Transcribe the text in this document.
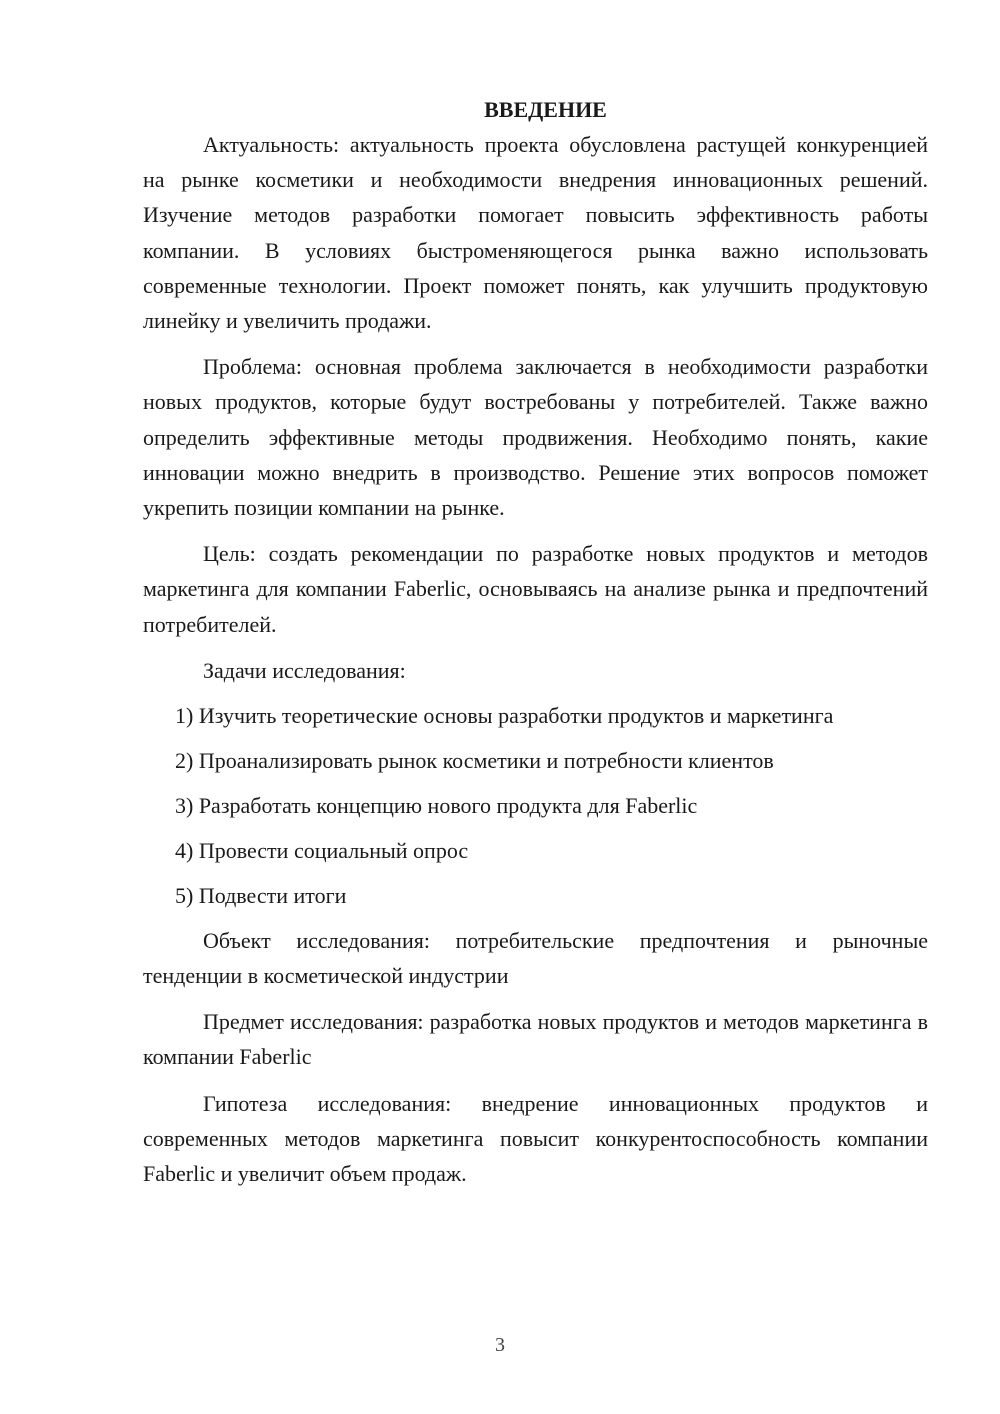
ВВЕДЕНИЕ

Актуальность: актуальность проекта обусловлена растущей конкуренцией на рынке косметики и необходимости внедрения инновационных решений. Изучение методов разработки помогает повысить эффективность работы компании. В условиях быстроменяющегося рынка важно использовать современные технологии. Проект поможет понять, как улучшить продуктовую линейку и увеличить продажи.

Проблема: основная проблема заключается в необходимости разработки новых продуктов, которые будут востребованы у потребителей. Также важно определить эффективные методы продвижения. Необходимо понять, какие инновации можно внедрить в производство. Решение этих вопросов поможет укрепить позиции компании на рынке.

Цель: создать рекомендации по разработке новых продуктов и методов маркетинга для компании Faberlic, основываясь на анализе рынка и предпочтений потребителей.

Задачи исследования:

1) Изучить теоретические основы разработки продуктов и маркетинга
2) Проанализировать рынок косметики и потребности клиентов
3) Разработать концепцию нового продукта для Faberlic
4) Провести социальный опрос
5) Подвести итоги

Объект исследования: потребительские предпочтения и рыночные тенденции в косметической индустрии

Предмет исследования: разработка новых продуктов и методов маркетинга в компании Faberlic

Гипотеза исследования: внедрение инновационных продуктов и современных методов маркетинга повысит конкурентоспособность компании Faberlic и увеличит объем продаж.

3
